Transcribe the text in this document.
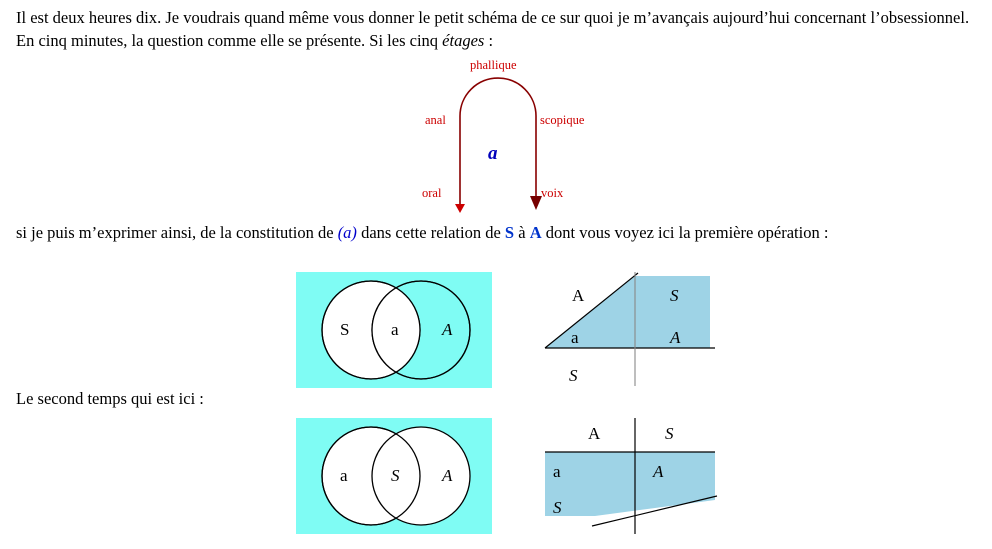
Il est deux heures dix. Je voudrais quand même vous donner le petit schéma de ce sur quoi je m’avançais aujourd’hui concernant l’obsessionnel. En cinq minutes, la question comme elle se présente. Si les cinq étages :
phallique
anal	scopique
oral	voix
a
si je puis m’exprimer ainsi, de la constitution de (a) dans cette relation de S à A dont vous voyez ici la première opération :
S a	A
A	S
a	A
S
Le second temps qui est ici :
a	S	A
A	S
a	A
S
